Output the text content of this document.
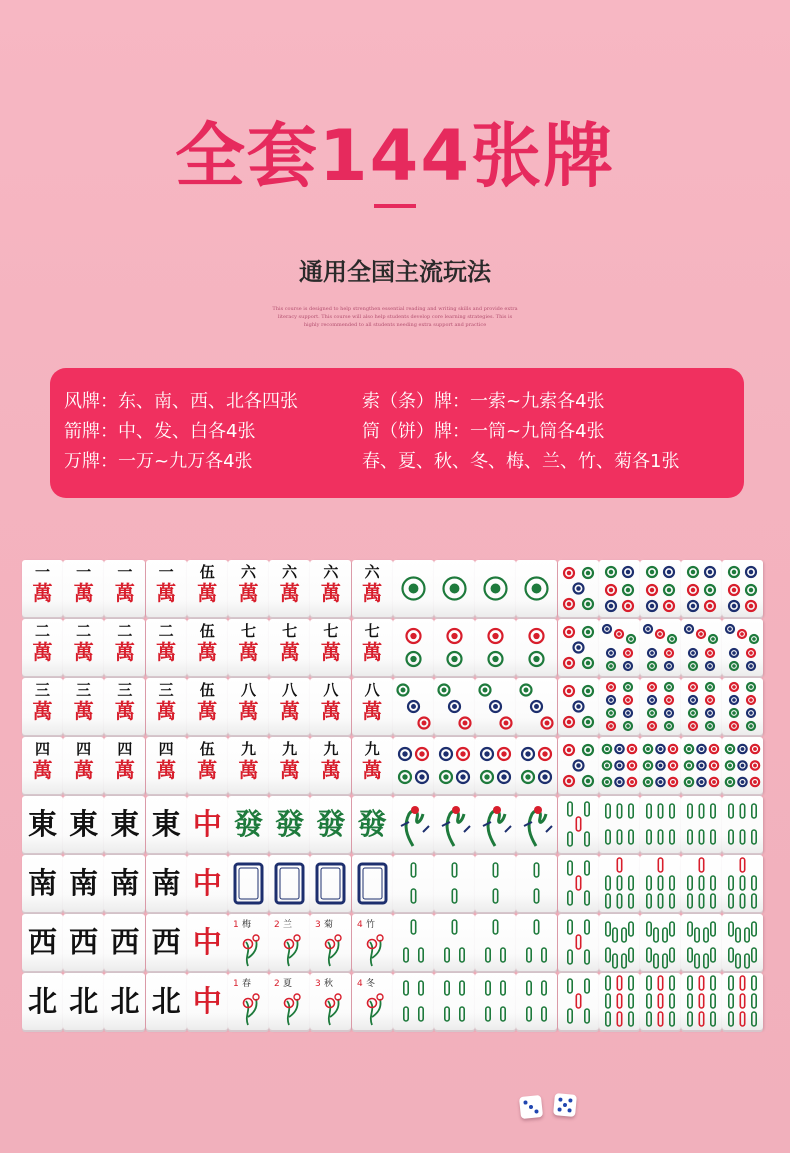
全套144张牌
通用全国主流玩法
This course is designed to help strengthen essential reading and writing skills and provide extra
literacy support. This course will also help students develop core learning strategies. This is
highly recommended to all students needing extra support and practice
风牌：东、南、西、北各四张
箭牌：中、发、白各4张
万牌：一万~九万各4张
索（条）牌：一索~九索各4张
筒（饼）牌：一筒~九筒各4张
春、夏、秋、冬、梅、兰、竹、菊各1张
一
萬
一
萬
一
萬
一
萬
二
萬
二
萬
二
萬
二
萬
三
萬
三
萬
三
萬
三
萬
四
萬
四
萬
四
萬
四
萬
伍
萬
伍
萬
伍
萬
伍
萬
六
萬
六
萬
六
萬
六
萬
七
萬
七
萬
七
萬
七
萬
八
萬
八
萬
八
萬
八
萬
九
萬
九
萬
九
萬
九
萬
東 東 東 東
南 南 南 南
西 西 西 西
北 北 北 北
中
中
中
中
發 發 發 發
1 梅	2 兰	3 菊	4 竹
1 春	2 夏	3 秋	4 冬
